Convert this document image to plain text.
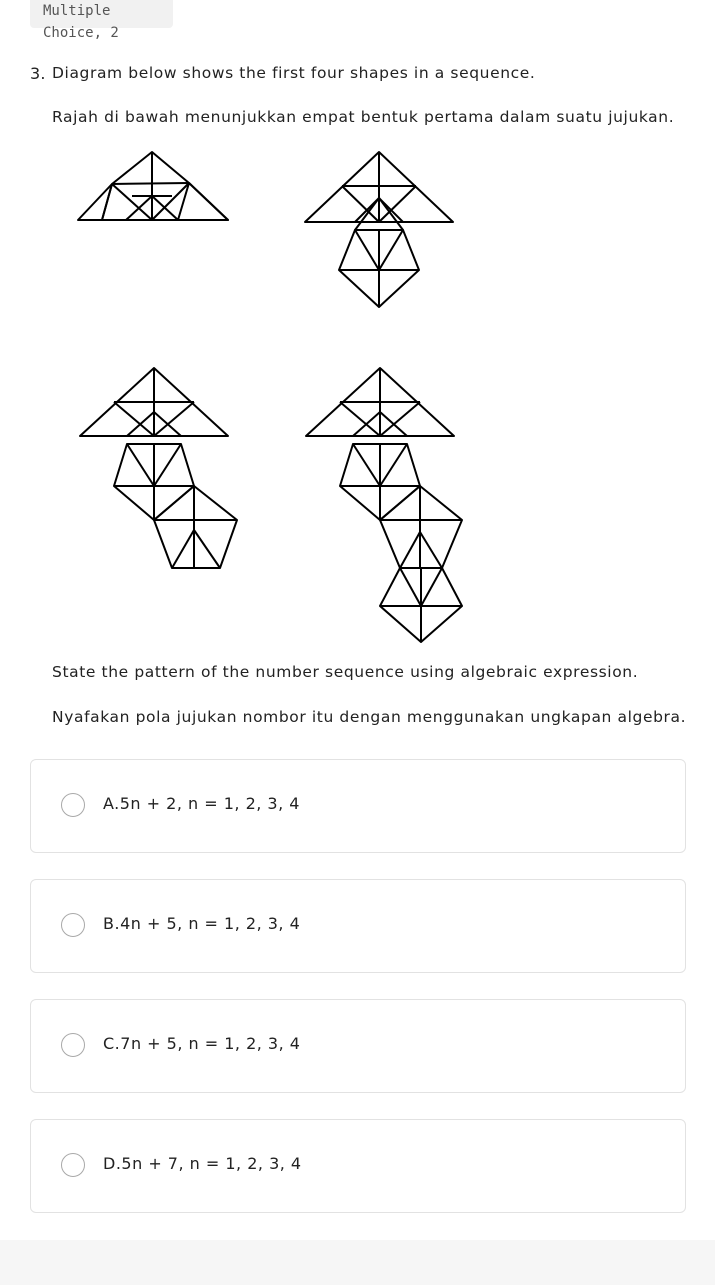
Multiple Choice, 2
3. Diagram below shows the first four shapes in a sequence.
Rajah di bawah menunjukkan empat bentuk pertama dalam suatu jujukan.
State the pattern of the number sequence using algebraic expression.
Nyafakan pola jujukan nombor itu dengan menggunakan ungkapan algebra.
A.5n + 2, n = 1, 2, 3, 4
B.4n + 5, n = 1, 2, 3, 4
C.7n + 5, n = 1, 2, 3, 4
D.5n + 7, n = 1, 2, 3, 4
